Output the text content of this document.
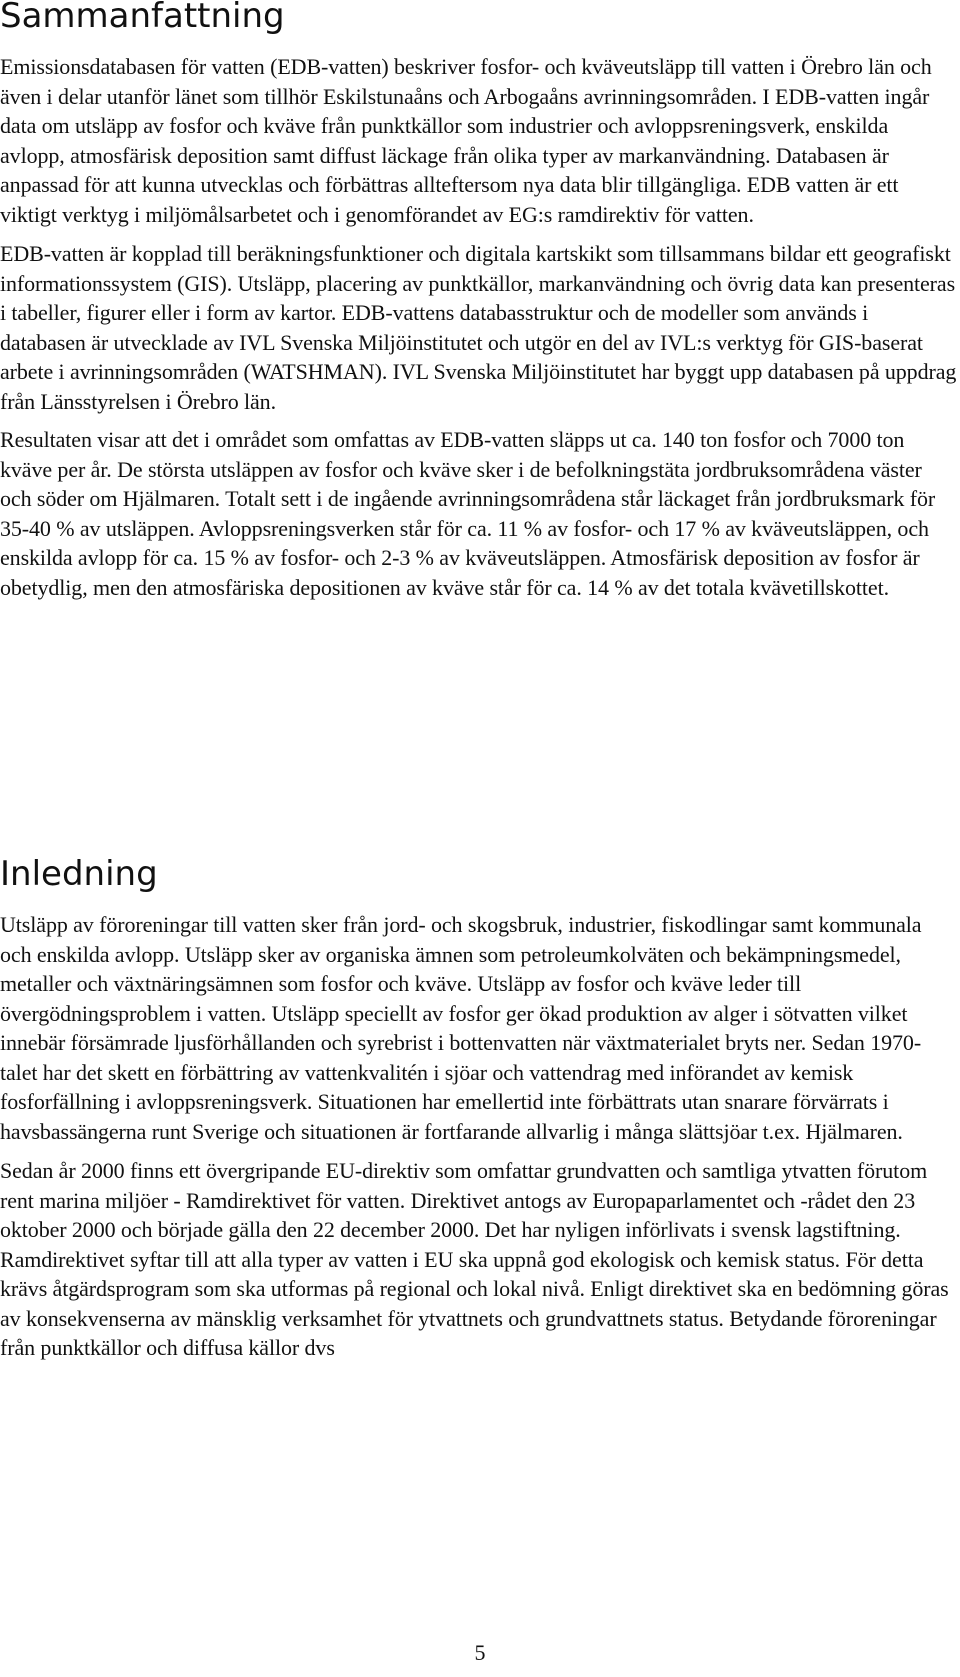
Sammanfattning

Emissionsdatabasen för vatten (EDB-vatten) beskriver fosfor- och kväveutsläpp till vatten i Örebro län och även i delar utanför länet som tillhör Eskilstunaåns och Arbogaåns avrinningsområden. I EDB-vatten ingår data om utsläpp av fosfor och kväve från punktkällor som industrier och avloppsreningsverk, enskilda avlopp, atmosfärisk deposition samt diffust läckage från olika typer av markanvändning. Databasen är anpassad för att kunna utvecklas och förbättras allteftersom nya data blir tillgängliga. EDB vatten är ett viktigt verktyg i miljömålsarbetet och i genomförandet av EG:s ramdirektiv för vatten.

EDB-vatten är kopplad till beräkningsfunktioner och digitala kartskikt som tillsammans bildar ett geografiskt informationssystem (GIS). Utsläpp, placering av punktkällor, markanvändning och övrig data kan presenteras i tabeller, figurer eller i form av kartor. EDB-vattens databasstruktur och de modeller som används i databasen är utvecklade av IVL Svenska Miljöinstitutet och utgör en del av IVL:s verktyg för GIS-baserat arbete i avrinningsområden (WATSHMAN). IVL Svenska Miljöinstitutet har byggt upp databasen på uppdrag från Länsstyrelsen i Örebro län.

Resultaten visar att det i området som omfattas av EDB-vatten släpps ut ca. 140 ton fosfor och 7000 ton kväve per år. De största utsläppen av fosfor och kväve sker i de befolkningstäta jordbruksområdena väster och söder om Hjälmaren. Totalt sett i de ingående avrinningsområdena står läckaget från jordbruksmark för 35-40 % av utsläppen. Avloppsreningsverken står för ca. 11 % av fosfor- och 17 % av kväveutsläppen, och enskilda avlopp för ca. 15 % av fosfor- och 2-3 % av kväveutsläppen. Atmosfärisk deposition av fosfor är obetydlig, men den atmosfäriska depositionen av kväve står för ca. 14 % av det totala kvävetillskottet.

Inledning

Utsläpp av föroreningar till vatten sker från jord- och skogsbruk, industrier, fiskodlingar samt kommunala och enskilda avlopp. Utsläpp sker av organiska ämnen som petroleumkolväten och bekämpningsmedel, metaller och växtnäringsämnen som fosfor och kväve. Utsläpp av fosfor och kväve leder till övergödningsproblem i vatten. Utsläpp speciellt av fosfor ger ökad produktion av alger i sötvatten vilket innebär försämrade ljusförhållanden och syrebrist i bottenvatten när växtmaterialet bryts ner. Sedan 1970-talet har det skett en förbättring av vattenkvalitén i sjöar och vattendrag med införandet av kemisk fosforfällning i avloppsreningsverk. Situationen har emellertid inte förbättrats utan snarare förvärrats i havsbassängerna runt Sverige och situationen är fortfarande allvarlig i många slättsjöar t.ex. Hjälmaren.

Sedan år 2000 finns ett övergripande EU-direktiv som omfattar grundvatten och samtliga ytvatten förutom rent marina miljöer - Ramdirektivet för vatten. Direktivet antogs av Europaparlamentet och -rådet den 23 oktober 2000 och började gälla den 22 december 2000. Det har nyligen införlivats i svensk lagstiftning. Ramdirektivet syftar till att alla typer av vatten i EU ska uppnå god ekologisk och kemisk status. För detta krävs åtgärdsprogram som ska utformas på regional och lokal nivå. Enligt direktivet ska en bedömning göras av konsekvenserna av mänsklig verksamhet för ytvattnets och grundvattnets status. Betydande föroreningar från punktkällor och diffusa källor dvs

5
